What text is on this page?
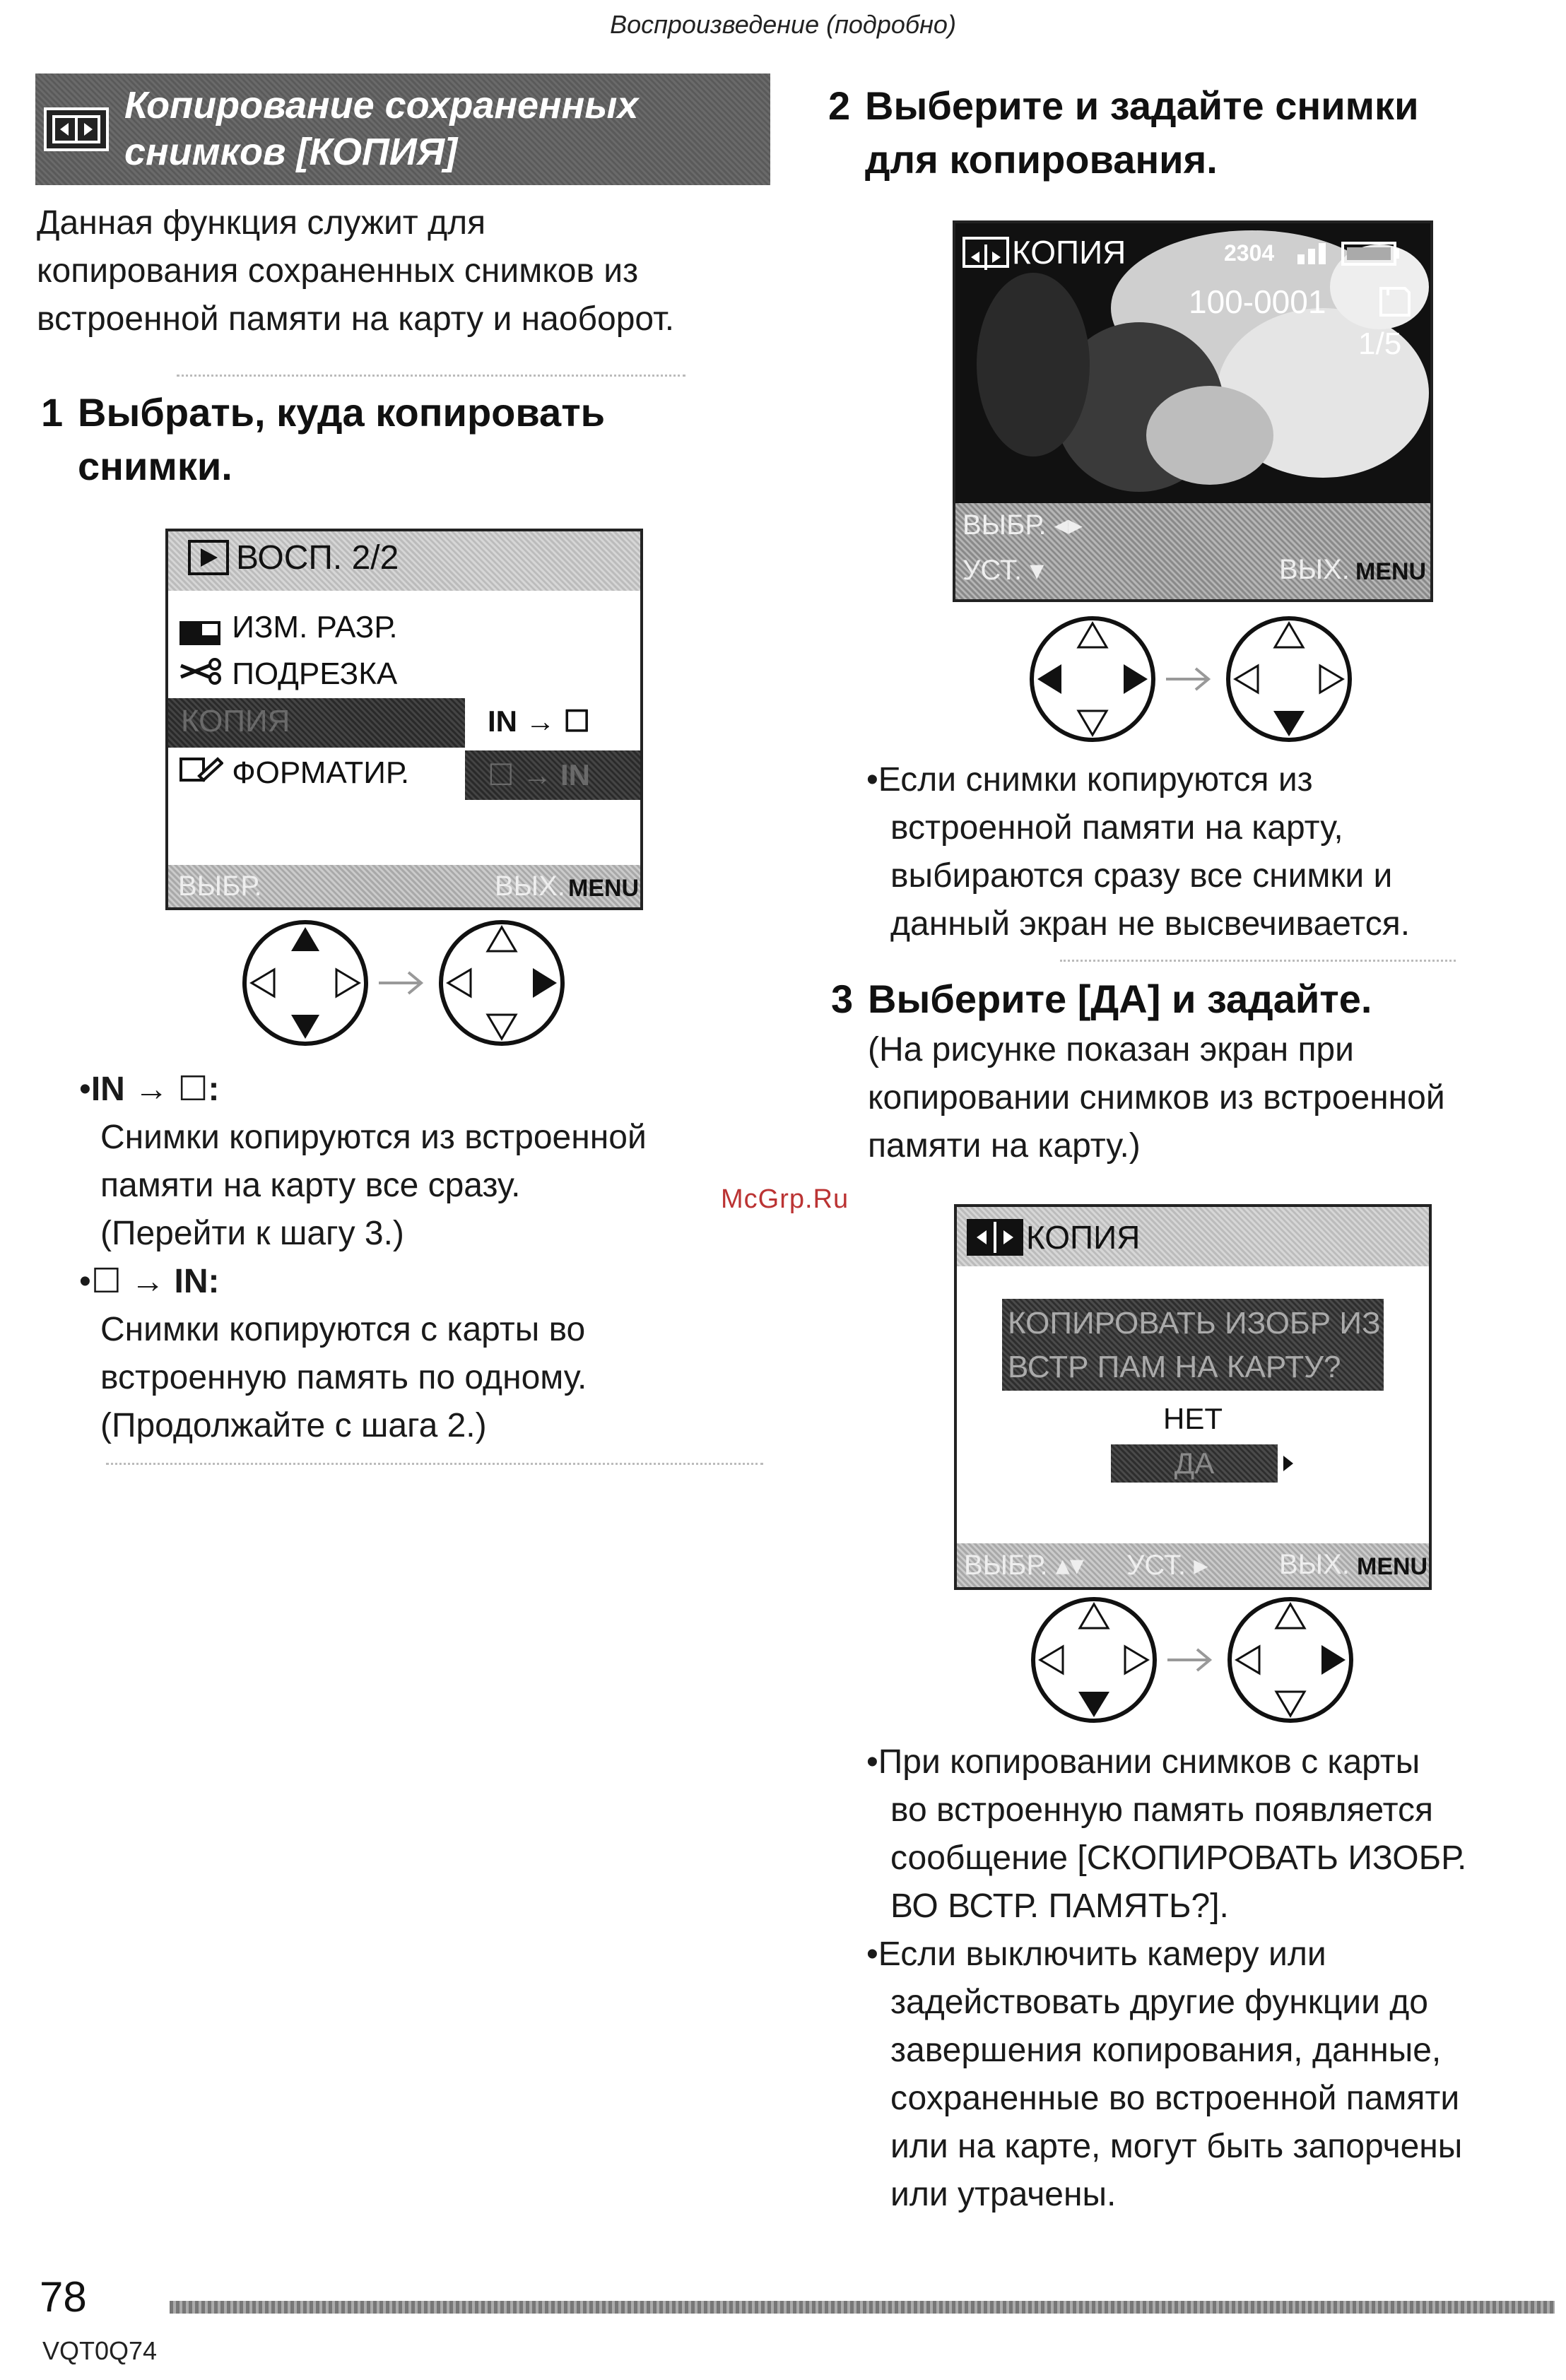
Воспроизведение (подробно)
Копирование сохраненных
снимков [КОПИЯ]
Данная функция служит для
копирования сохраненных снимков из
встроенной памяти на карту и наоборот.
1 Выбрать, куда копировать
снимки.
ВОСП. 2/2
ИЗМ. РАЗР.
ПОДРЕЗКА
КОПИЯ	IN → ☐
ФОРМАТИР.	☐ → IN
ВЫБР.	ВЫХ. MENU
•IN → ☐:
Снимки копируются из встроенной
памяти на карту все сразу.
(Перейти к шагу 3.)
•☐ → IN:
Снимки копируются с карты во
встроенную память по одному.
(Продолжайте с шага 2.)
2 Выберите и задайте снимки
для копирования.
КОПИЯ	2304
100-0001
1/5
ВЫБР. ◂▸
УСТ. ▾	ВЫХ. MENU
•Если снимки копируются из
встроенной памяти на карту,
выбираются сразу все снимки и
данный экран не высвечивается.
3 Выберите [ДА] и задайте.
(На рисунке показан экран при
копировании снимков из встроенной
памяти на карту.)
McGrp.Ru
КОПИЯ
КОПИРОВАТЬ ИЗОБР ИЗ
ВСТР ПАМ НА КАРТУ?
НЕТ
ДА
ВЫБР. ▴▾ УСТ. ▸	ВЫХ. MENU
•При копировании снимков с карты
во встроенную память появляется
сообщение [СКОПИРОВАТЬ ИЗОБР.
ВО ВСТР. ПАМЯТЬ?].
•Если выключить камеру или
задействовать другие функции до
завершения копирования, данные,
сохраненные во встроенной памяти
или на карте, могут быть запорчены
или утрачены.
78
VQT0Q74
